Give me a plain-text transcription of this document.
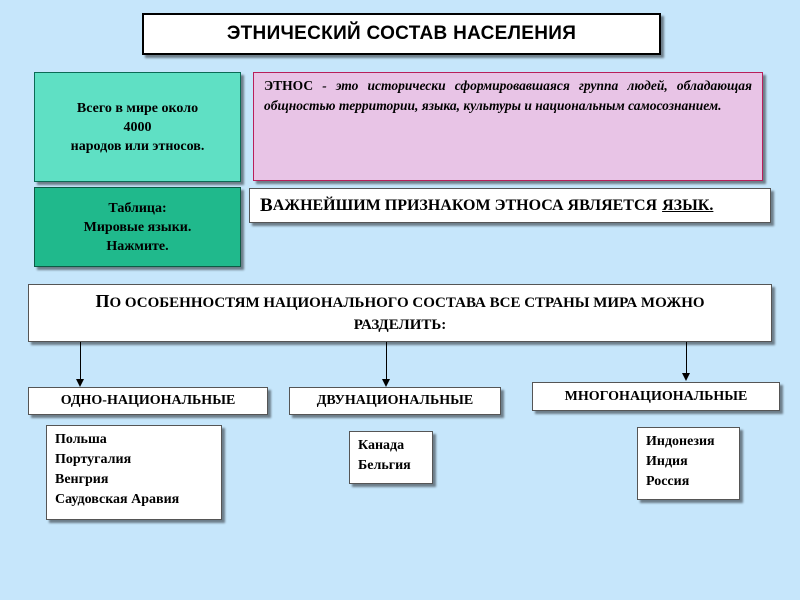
ЭТНИЧЕСКИЙ СОСТАВ НАСЕЛЕНИЯ
Всего в мире около
4000
народов или этносов.
ЭТНОС - это исторически сформировавшаяся группа людей, обладающая общностью территории, языка, культуры и национальным самосознанием.
Таблица:
Мировые языки.
Нажмите.
В АЖНЕЙШИМ ПРИЗНАКОМ ЭТНОСА ЯВЛЯЕТСЯ ЯЗЫК.
ПО ОСОБЕННОСТЯМ НАЦИОНАЛЬНОГО СОСТАВА ВСЕ СТРАНЫ МИРА МОЖНО
РАЗДЕЛИТЬ:
ОДНО-НАЦИОНАЛЬНЫЕ	ДВУНАЦИОНАЛЬНЫЕ	МНОГОНАЦИОНАЛЬНЫЕ
Польша
Португалия
Венгрия
Саудовская Аравия
Канада
Бельгия
Индонезия
Индия
Россия
